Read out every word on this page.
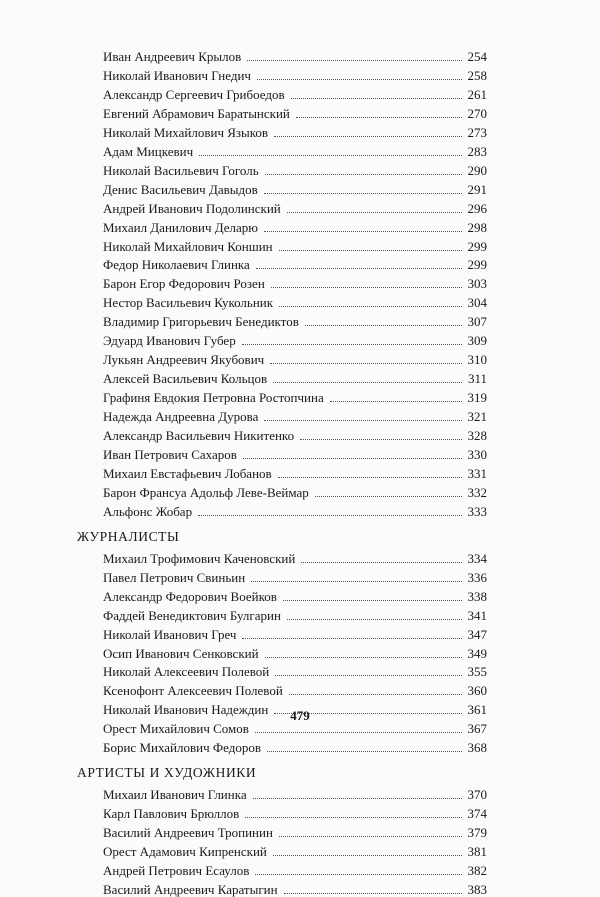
Иван Андреевич Крылов	254
Николай Иванович Гнедич	258
Александр Сергеевич Грибоедов	261
Евгений Абрамович Баратынский	270
Николай Михайлович Языков	273
Адам Мицкевич	283
Николай Васильевич Гоголь	290
Денис Васильевич Давыдов	291
Андрей Иванович Подолинский	296
Михаил Данилович Деларю	298
Николай Михайлович Коншин	299
Федор Николаевич Глинка	299
Барон Егор Федорович Розен	303
Нестор Васильевич Кукольник	304
Владимир Григорьевич Бенедиктов	307
Эдуард Иванович Губер	309
Лукьян Андреевич Якубович	310
Алексей Васильевич Кольцов	311
Графиня Евдокия Петровна Ростопчина	319
Надежда Андреевна Дурова	321
Александр Васильевич Никитенко	328
Иван Петрович Сахаров	330
Михаил Евстафьевич Лобанов	331
Барон Франсуа Адольф Леве-Веймар	332
Альфонс Жобар	333
ЖУРНАЛИСТЫ
Михаил Трофимович Каченовский	334
Павел Петрович Свиньин	336
Александр Федорович Воейков	338
Фаддей Венедиктович Булгарин	341
Николай Иванович Греч	347
Осип Иванович Сенковский	349
Николай Алексеевич Полевой	355
Ксенофонт Алексеевич Полевой	360
Николай Иванович Надеждин	361
Орест Михайлович Сомов	367
Борис Михайлович Федоров	368
АРТИСТЫ И ХУДОЖНИКИ
Михаил Иванович Глинка	370
Карл Павлович Брюллов	374
Василий Андреевич Тропинин	379
Орест Адамович Кипренский	381
Андрей Петрович Есаулов	382
Василий Андреевич Каратыгин	383
479
